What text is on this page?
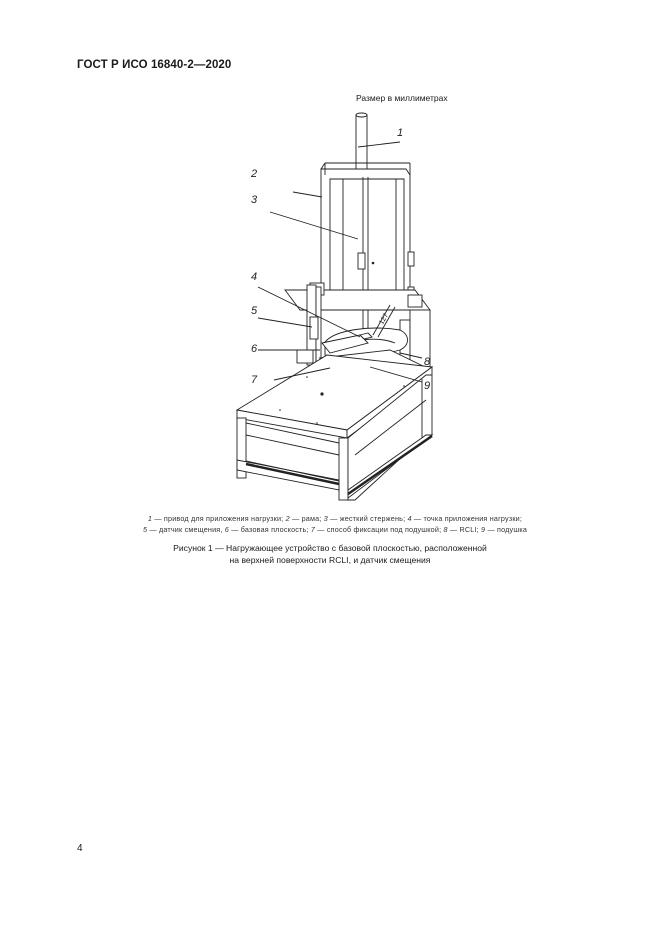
ГОСТ Р ИСО 16840-2—2020
Размер в миллиметрах
127
1
2
3
4
5
6
7
8
9
1 — привод для приложения нагрузки; 2 — рама; 3 — жесткий стержень; 4 — точка приложения нагрузки;
5 — датчик смещения, 6 — базовая плоскость; 7 — способ фиксации под подушкой; 8 — RCLI; 9 — подушка
Рисунок 1 — Нагружающее устройство с базовой плоскостью, расположенной
на верхней поверхности RCLI, и датчик смещения
4
